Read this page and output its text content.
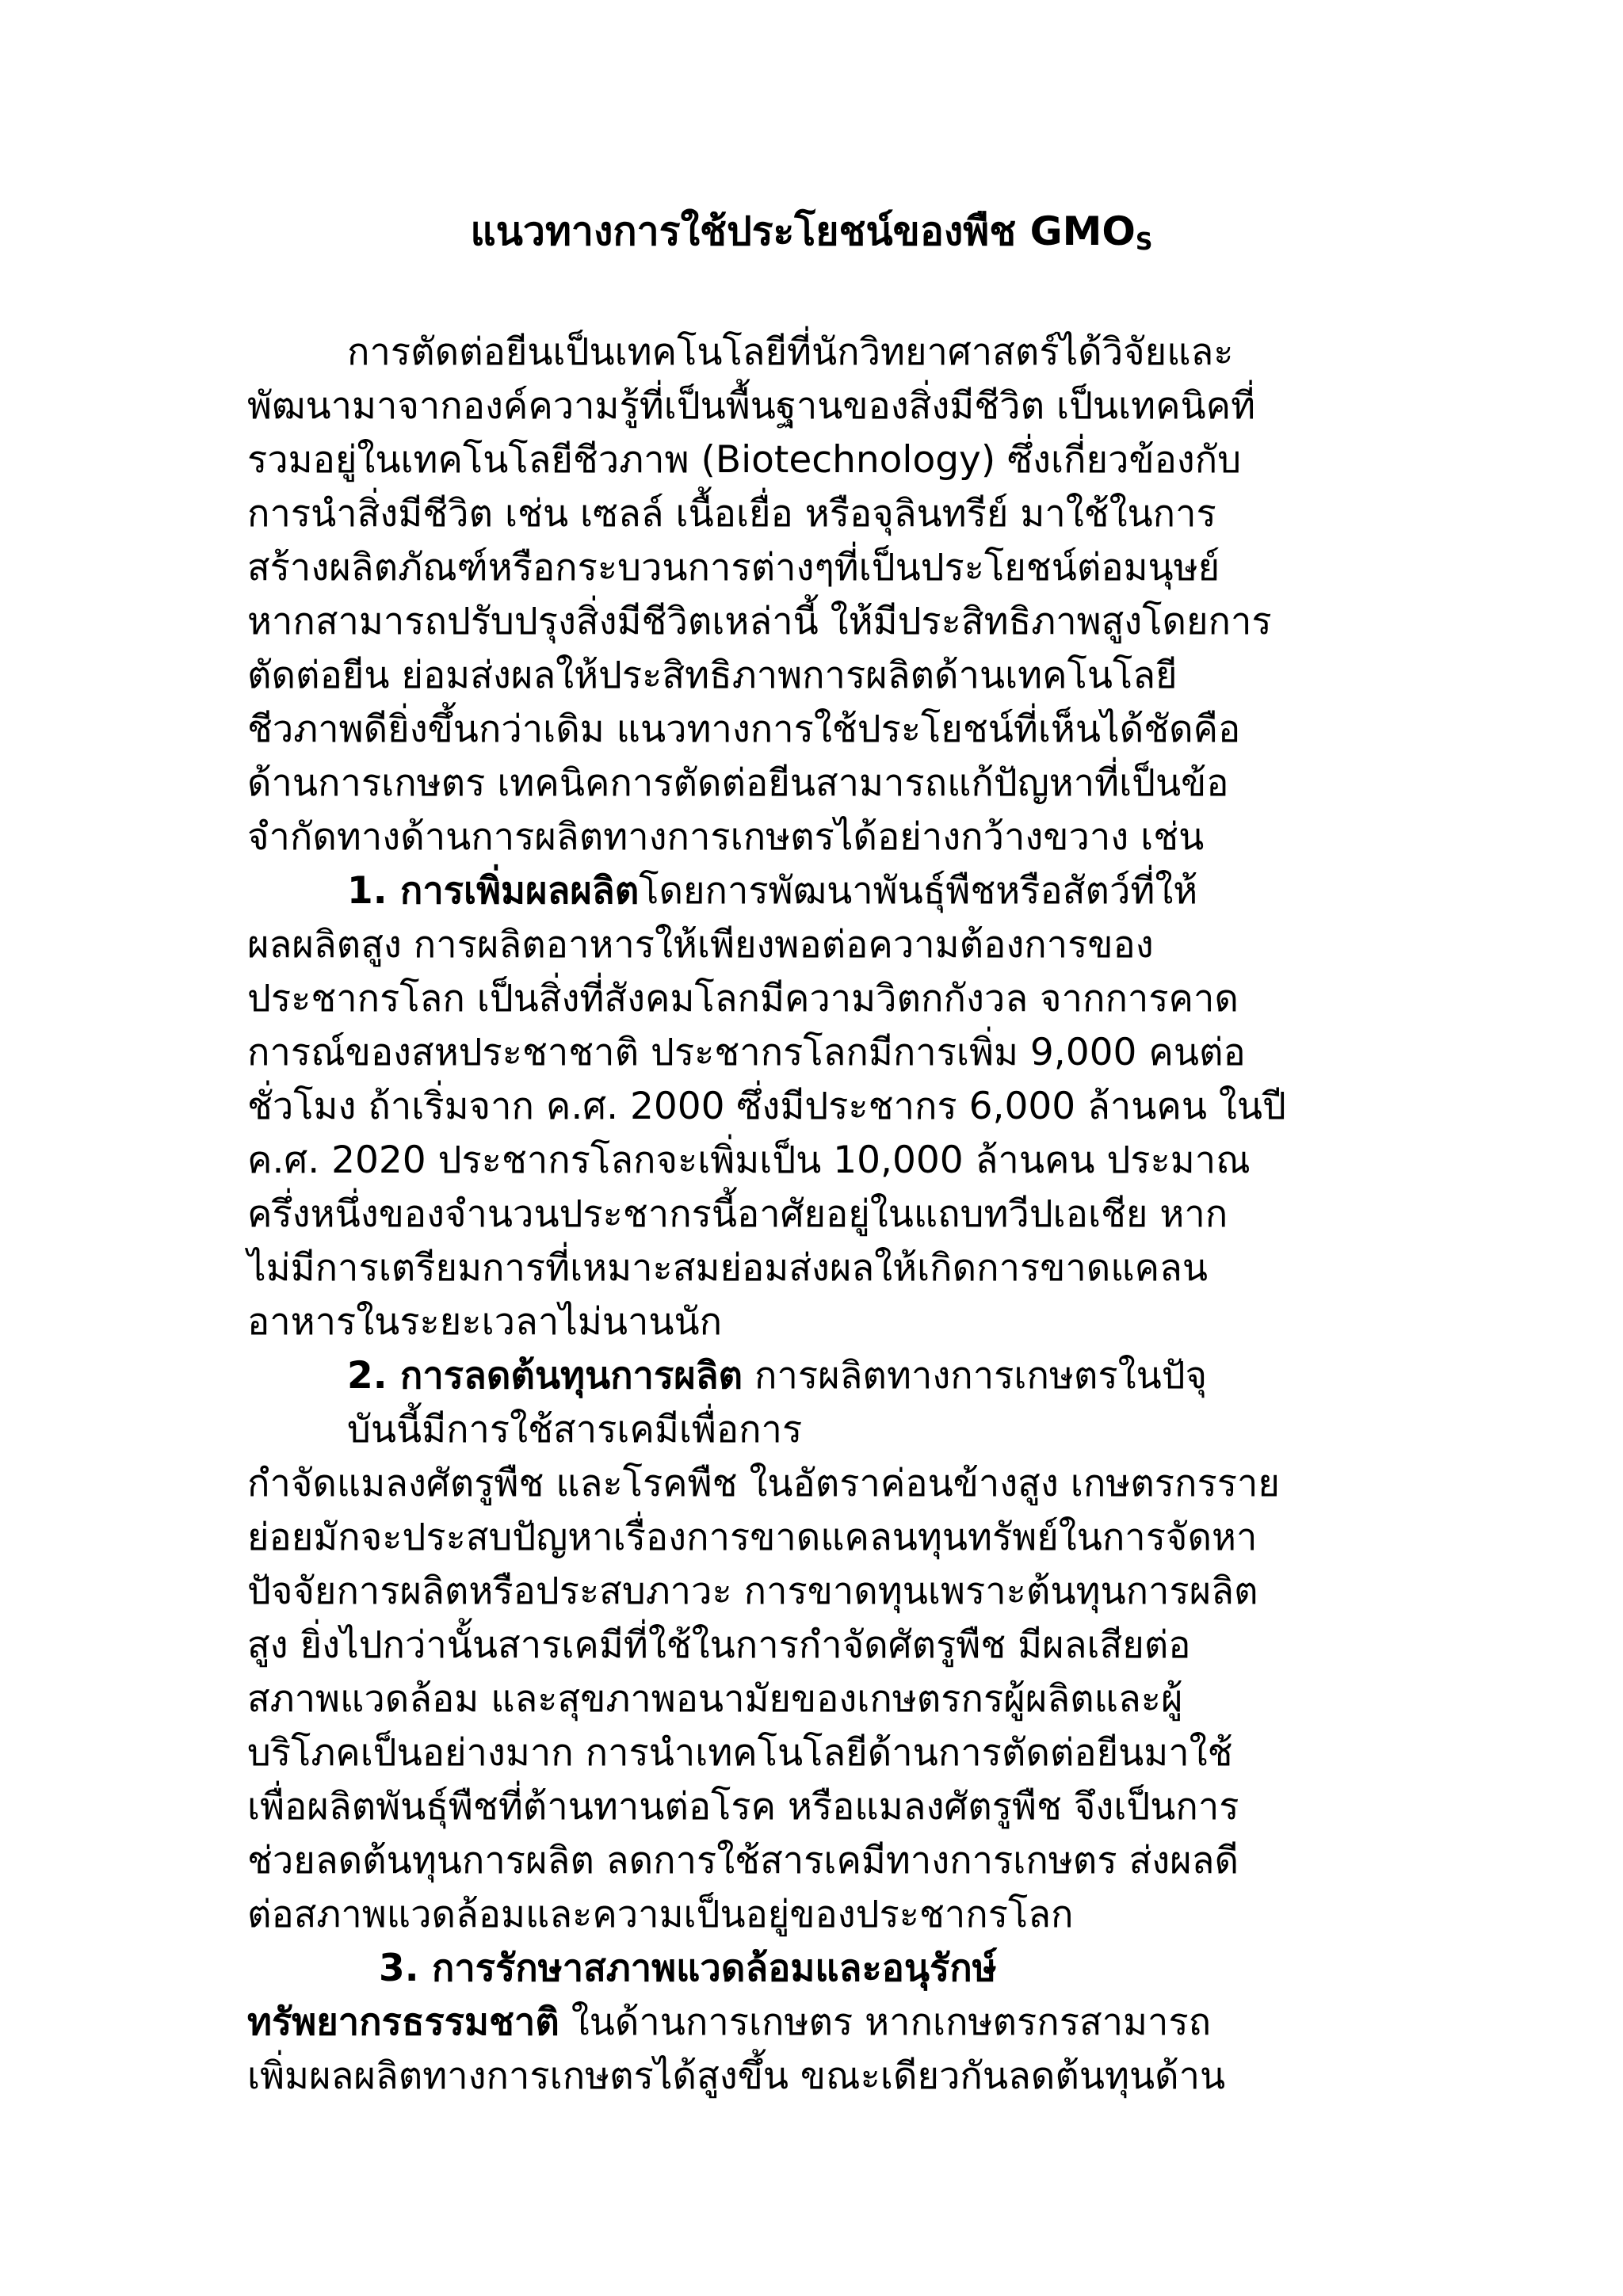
แนวทางการใช้ประโยชน์ของพืช $GMO_S$
การตัดต่อยีนเป็นเทคโนโลยีที่นักวิทยาศาสตร์ได้วิจัยและ
พัฒนามาจากองค์ความรู้ที่เป็นพื้นฐานของสิ่งมีชีวิต เป็นเทคนิคที่
รวมอยู่ในเทคโนโลยีชีวภาพ (Biotechnology) ซึ่งเกี่ยวข้องกับ
การนำสิ่งมีชีวิต เช่น เซลล์ เนื้อเยื่อ หรือจุลินทรีย์ มาใช้ในการ
สร้างผลิตภัณฑ์หรือกระบวนการต่างๆที่เป็นประโยชน์ต่อมนุษย์
หากสามารถปรับปรุงสิ่งมีชีวิตเหล่านี้ ให้มีประสิทธิภาพสูงโดยการ
ตัดต่อยีน ย่อมส่งผลให้ประสิทธิภาพการผลิตด้านเทคโนโลยี
ชีวภาพดียิ่งขึ้นกว่าเดิม แนวทางการใช้ประโยชน์ที่เห็นได้ชัดคือ
ด้านการเกษตร เทคนิคการตัดต่อยีนสามารถแก้ปัญหาที่เป็นข้อ
จำกัดทางด้านการผลิตทางการเกษตรได้อย่างกว้างขวาง เช่น
1. การเพิ่มผลผลิตโดยการพัฒนาพันธุ์พืชหรือสัตว์ที่ให้
ผลผลิตสูง การผลิตอาหารให้เพียงพอต่อความต้องการของ
ประชากรโลก เป็นสิ่งที่สังคมโลกมีความวิตกกังวล จากการคาด
การณ์ของสหประชาชาติ ประชากรโลกมีการเพิ่ม 9,000 คนต่อ
ชั่วโมง ถ้าเริ่มจาก ค.ศ. 2000 ซึ่งมีประชากร 6,000 ล้านคน ในปี
ค.ศ. 2020 ประชากรโลกจะเพิ่มเป็น 10,000 ล้านคน ประมาณ
ครึ่งหนึ่งของจำนวนประชากรนี้อาศัยอยู่ในแถบทวีปเอเชีย หาก
ไม่มีการเตรียมการที่เหมาะสมย่อมส่งผลให้เกิดการขาดแคลน
อาหารในระยะเวลาไม่นานนัก
2. การลดต้นทุนการผลิต การผลิตทางการเกษตรในปัจุ
บันนี้มีการใช้สารเคมีเพื่อการ
กำจัดแมลงศัตรูพืช และโรคพืช ในอัตราค่อนข้างสูง เกษตรกรราย
ย่อยมักจะประสบปัญหาเรื่องการขาดแคลนทุนทรัพย์ในการจัดหา
ปัจจัยการผลิตหรือประสบภาวะ การขาดทุนเพราะต้นทุนการผลิต
สูง ยิ่งไปกว่านั้นสารเคมีที่ใช้ในการกำจัดศัตรูพืช มีผลเสียต่อ
สภาพแวดล้อม และสุขภาพอนามัยของเกษตรกรผู้ผลิตและผู้
บริโภคเป็นอย่างมาก การนำเทคโนโลยีด้านการตัดต่อยีนมาใช้
เพื่อผลิตพันธุ์พืชที่ต้านทานต่อโรค หรือแมลงศัตรูพืช จึงเป็นการ
ช่วยลดต้นทุนการผลิต ลดการใช้สารเคมีทางการเกษตร ส่งผลดี
ต่อสภาพแวดล้อมและความเป็นอยู่ของประชากรโลก
3. การรักษาสภาพแวดล้อมและอนุรักษ์
ทรัพยากรธรรมชาติ ในด้านการเกษตร หากเกษตรกรสามารถ
เพิ่มผลผลิตทางการเกษตรได้สูงขึ้น ขณะเดียวกันลดต้นทุนด้าน
